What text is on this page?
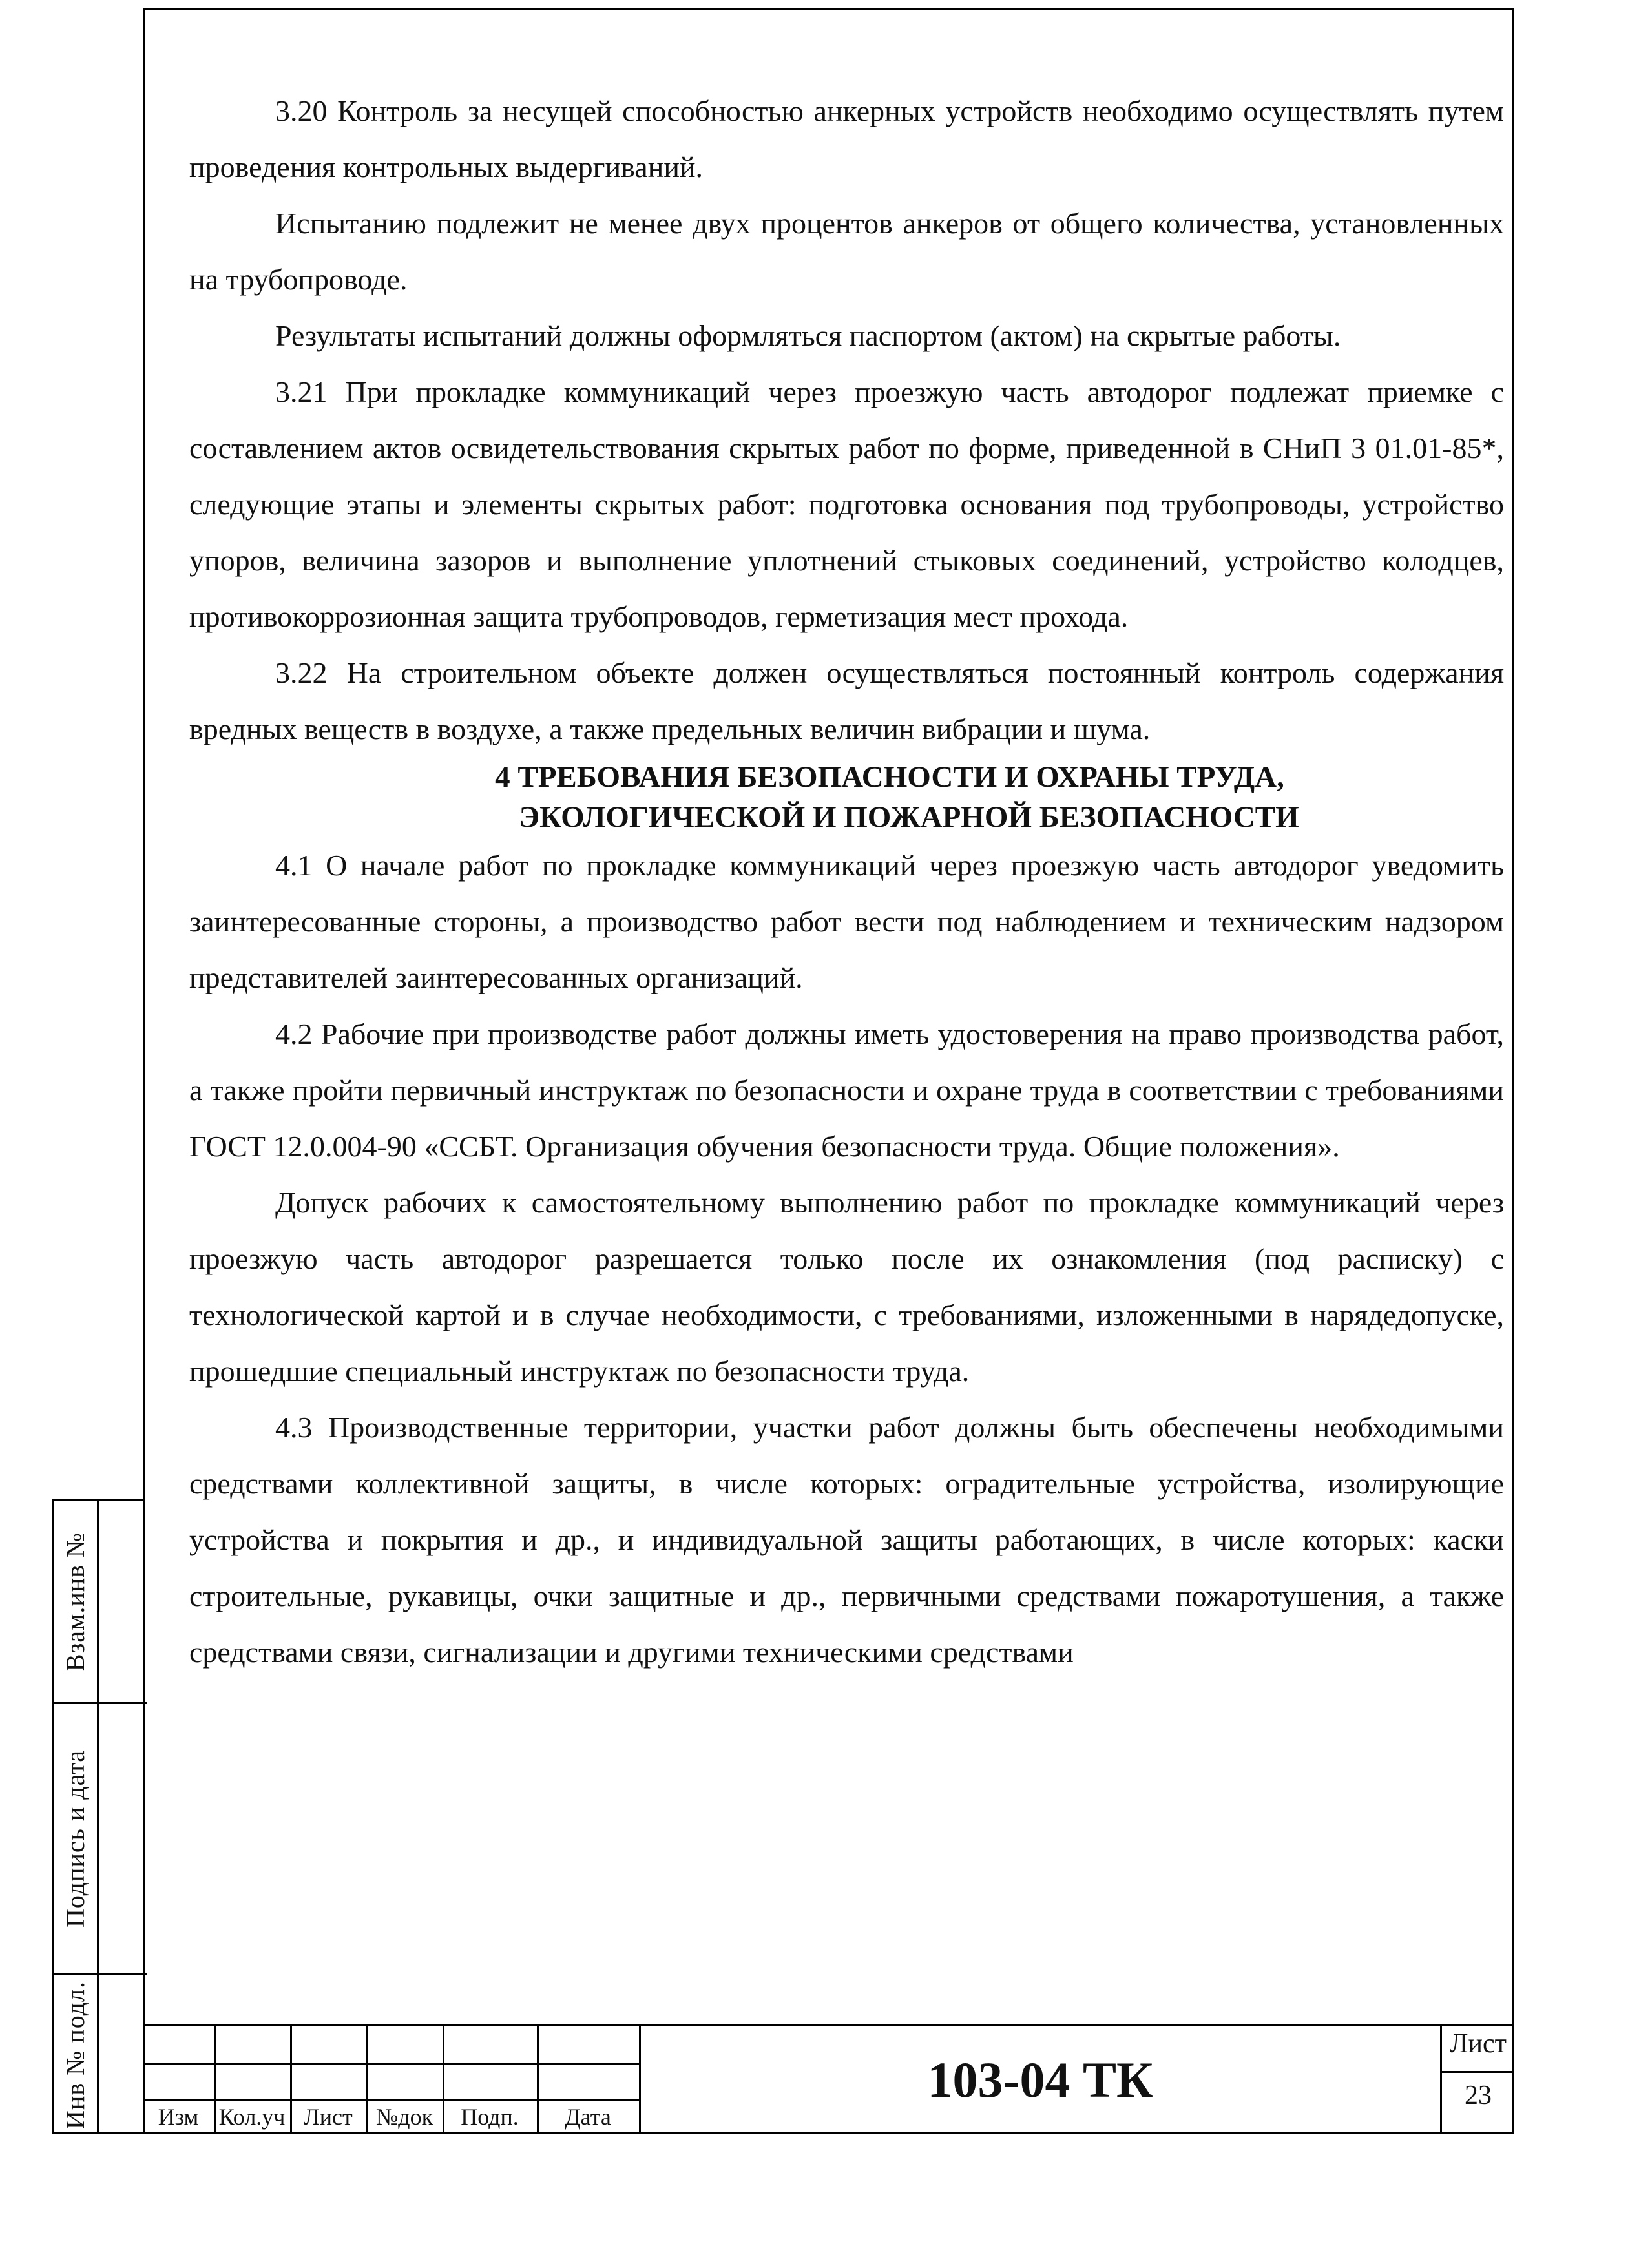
3.20 Контроль за несущей способностью анкерных устройств необходимо осуществлять путем проведения контрольных выдергиваний.

Испытанию подлежит не менее двух процентов анкеров от общего количества, установленных на трубопроводе.

Результаты испытаний должны оформляться паспортом (актом) на скрытые работы.

3.21 При прокладке коммуникаций через проезжую часть автодорог подлежат приемке с составлением актов освидетельствования скрытых работ по форме, приведенной в СНиП 3 01.01-85*, следующие этапы и элементы скрытых работ: подготовка основания под трубопроводы, устройство упоров, величина зазоров и выполнение уплотнений стыковых соединений, устройство колодцев, противокоррозионная защита трубопроводов, герметизация мест прохода.

3.22 На строительном объекте должен осуществляться постоянный контроль содержания вредных веществ в воздухе, а также предельных величин вибрации и шума.

4 ТРЕБОВАНИЯ БЕЗОПАСНОСТИ И ОХРАНЫ ТРУДА,
ЭКОЛОГИЧЕСКОЙ И ПОЖАРНОЙ БЕЗОПАСНОСТИ

4.1 О начале работ по прокладке коммуникаций через проезжую часть автодорог уведомить заинтересованные стороны, а производство работ вести под наблюдением и техническим надзором представителей заинтересованных организаций.

4.2 Рабочие при производстве работ должны иметь удостоверения на право производства работ, а также пройти первичный инструктаж по безопасности и охране труда в соответствии с требованиями ГОСТ 12.0.004-90 «ССБТ. Организация обучения безопасности труда. Общие положения».

Допуск рабочих к самостоятельному выполнению работ по прокладке коммуникаций через проезжую часть автодорог разрешается только после их ознакомления (под расписку) с технологической картой и в случае необходимости, с требованиями, изложенными в нарядедопуске, прошедшие специальный инструктаж по безопасности труда.

4.3 Производственные территории, участки работ должны быть обеспечены необходимыми средствами коллективной защиты, в числе которых: оградительные устройства, изолирующие устройства и покрытия и др., и индивидуальной защиты работающих, в числе которых: каски строительные, рукавицы, очки защитные и др., первичными средствами пожаротушения, а также средствами связи, сигнализации и другими техническими средствами

Взам.инв №
Подпись и дата
Инв № подл.	Изм Кол.уч Лист	№док	Подп.	Дата
103-04 ТК
Лист
23
